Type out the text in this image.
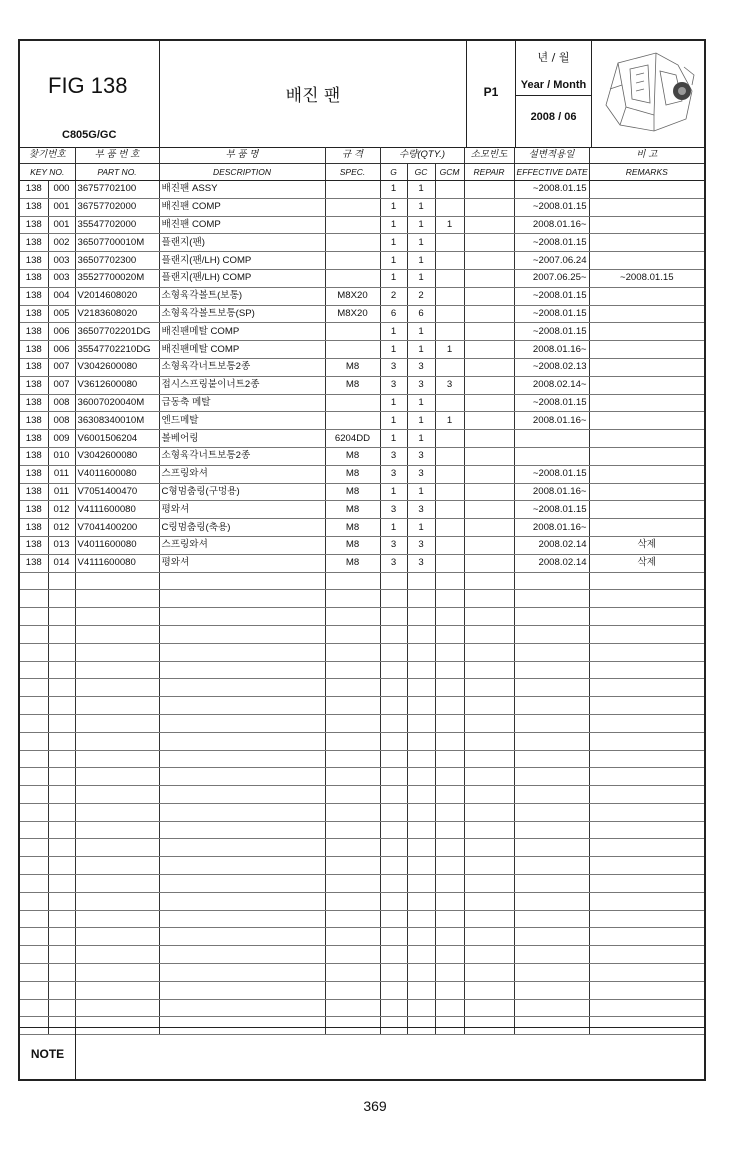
FIG 138
C805G/GC
배진 팬	P1
년 / 월
Year / Month
2008 / 06
찾기번호		부 품 번 호	부 품 명	규 격	수량(QTY.)			소모빈도	설변적용일	비 고
KEY NO.		PART NO.	DESCRIPTION	SPEC.	G	GC	GCM	REPAIR	EFFECTIVE DATE	REMARKS
138	000	36757702100	배진팬 ASSY		1	1			~2008.01.15	
138	001	36757702000	배진팬 COMP		1	1			~2008.01.15	
138	001	35547702000	배진팬 COMP		1	1	1		2008.01.16~	
138	002	36507700010M	플랜지(팬)		1	1			~2008.01.15	
138	003	36507702300	플랜지(팬/LH) COMP		1	1			~2007.06.24	
138	003	35527700020M	플랜지(팬/LH) COMP		1	1			2007.06.25~	~2008.01.15
138	004	V2014608020	소형육각볼트(보통)	M8X20	2	2			~2008.01.15	
138	005	V2183608020	소형육각볼트보통(SP)	M8X20	6	6			~2008.01.15	
138	006	36507702201DG	배진팬메탈 COMP		1	1			~2008.01.15	
138	006	35547702210DG	배진팬메탈 COMP		1	1	1		2008.01.16~	
138	007	V3042600080	소형육각너트보통2종	M8	3	3			~2008.02.13	
138	007	V3612600080	접시스프링붙이너트2종	M8	3	3	3		2008.02.14~	
138	008	36007020040M	급동축 메탈		1	1			~2008.01.15	
138	008	36308340010M	엔드메탈		1	1	1		2008.01.16~	
138	009	V6001506204	볼베어링	6204DD	1	1				
138	010	V3042600080	소형육각너트보통2종	M8	3	3				
138	011	V4011600080	스프링와셔	M8	3	3			~2008.01.15	
138	011	V7051400470	C형멈춤링(구멍용)	M8	1	1			2008.01.16~	
138	012	V4111600080	평와셔	M8	3	3			~2008.01.15	
138	012	V7041400200	C링멈춤링(축용)	M8	1	1			2008.01.16~	
138	013	V4011600080	스프링와셔	M8	3	3			2008.02.14	삭제
138	014	V4111600080	평와셔	M8	3	3			2008.02.14	삭제

NOTE
369
